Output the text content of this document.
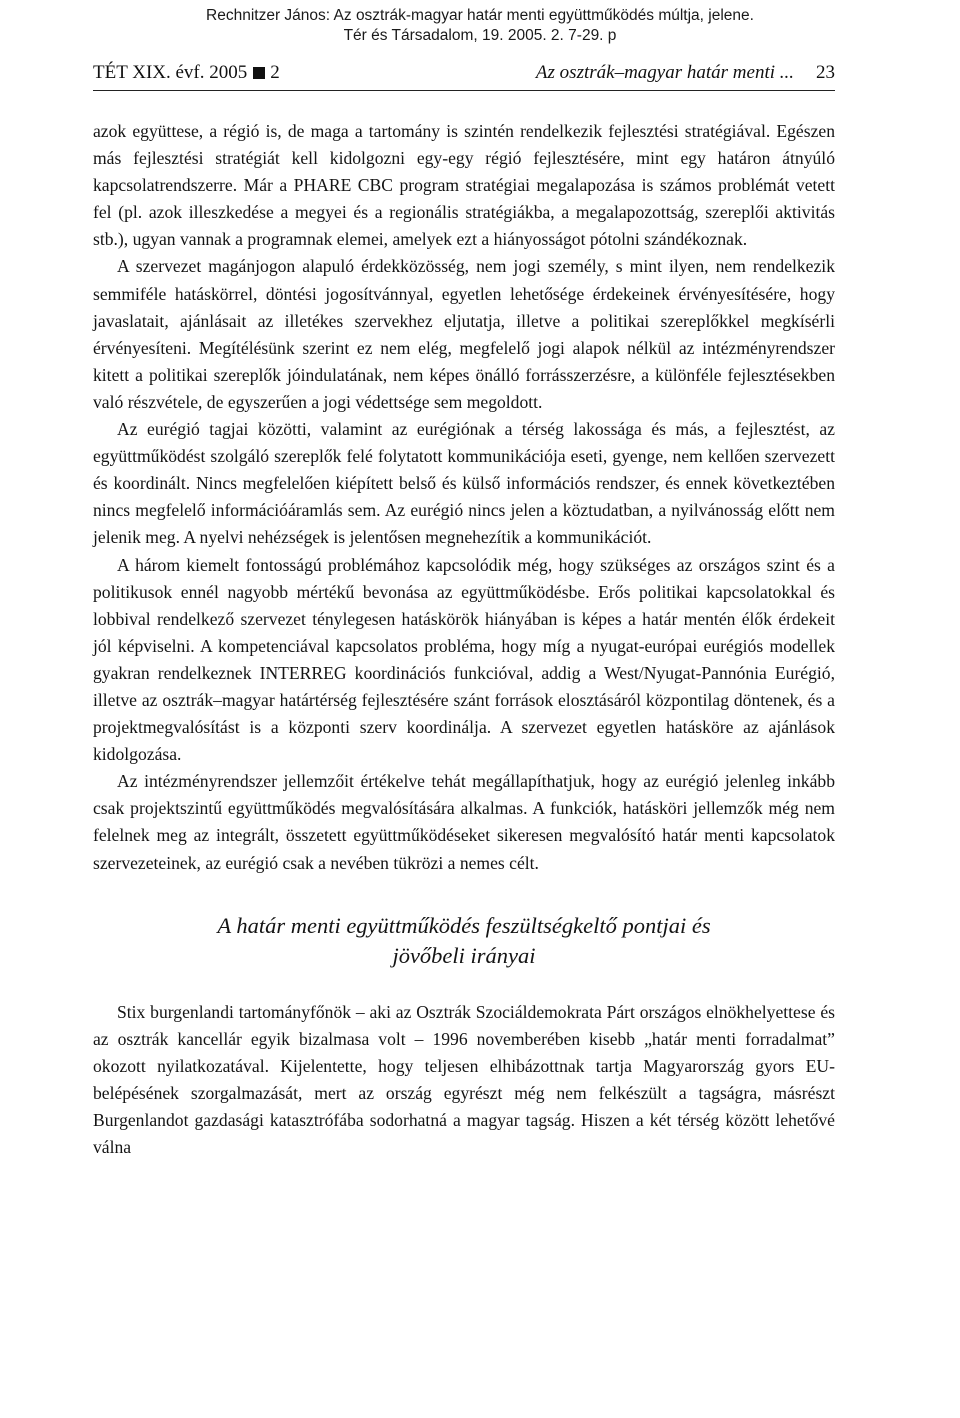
Rechnitzer János: Az osztrák-magyar határ menti együttműködés múltja, jelene.
Tér és Társadalom, 19. 2005. 2. 7-29. p
TÉT XIX. évf. 2005 2	Az osztrák–magyar határ menti ... 23

azok együttese, a régió is, de maga a tartomány is szintén rendelkezik fejlesztési stratégiával. Egészen más fejlesztési stratégiát kell kidolgozni egy-egy régió fejlesztésére, mint egy határon átnyúló kapcsolatrendszerre. Már a PHARE CBC program stratégiai megalapozása is számos problémát vetett fel (pl. azok illeszkedése a megyei és a regionális stratégiákba, a megalapozottság, szereplői aktivitás stb.), ugyan vannak a programnak elemei, amelyek ezt a hiányosságot pótolni szándékoznak.

A szervezet magánjogon alapuló érdekközösség, nem jogi személy, s mint ilyen, nem rendelkezik semmiféle hatáskörrel, döntési jogosítvánnyal, egyetlen lehetősége érdekeinek érvényesítésére, hogy javaslatait, ajánlásait az illetékes szervekhez eljutatja, illetve a politikai szereplőkkel megkísérli érvényesíteni. Megítélésünk szerint ez nem elég, megfelelő jogi alapok nélkül az intézményrendszer kitett a politikai szereplők jóindulatának, nem képes önálló forrásszerzésre, a különféle fejlesztésekben való részvétele, de egyszerűen a jogi védettsége sem megoldott.

Az eurégió tagjai közötti, valamint az eurégiónak a térség lakossága és más, a fejlesztést, az együttműködést szolgáló szereplők felé folytatott kommunikációja eseti, gyenge, nem kellően szervezett és koordinált. Nincs megfelelően kiépített belső és külső információs rendszer, és ennek következtében nincs megfelelő információáramlás sem. Az eurégió nincs jelen a köztudatban, a nyilvánosság előtt nem jelenik meg. A nyelvi nehézségek is jelentősen megnehezítik a kommunikációt.

A három kiemelt fontosságú problémához kapcsolódik még, hogy szükséges az országos szint és a politikusok ennél nagyobb mértékű bevonása az együttműködésbe. Erős politikai kapcsolatokkal és lobbival rendelkező szervezet ténylegesen hatáskörök hiányában is képes a határ mentén élők érdekeit jól képviselni. A kompetenciával kapcsolatos probléma, hogy míg a nyugat-európai eurégiós modellek gyakran rendelkeznek INTERREG koordinációs funkcióval, addig a West/Nyugat-Pannónia Eurégió, illetve az osztrák–magyar határtérség fejlesztésére szánt források elosztásáról központilag döntenek, és a projektmegvalósítást is a központi szerv koordinálja. A szervezet egyetlen hatásköre az ajánlások kidolgozása.

Az intézményrendszer jellemzőit értékelve tehát megállapíthatjuk, hogy az eurégió jelenleg inkább csak projektszintű együttműködés megvalósítására alkalmas. A funkciók, hatásköri jellemzők még nem felelnek meg az integrált, összetett együttműködéseket sikeresen megvalósító határ menti kapcsolatok szervezeteinek, az eurégió csak a nevében tükrözi a nemes célt.

A határ menti együttműködés feszültségkeltő pontjai és
jövőbeli irányai

Stix burgenlandi tartományfőnök – aki az Osztrák Szociáldemokrata Párt országos elnökhelyettese és az osztrák kancellár egyik bizalmasa volt – 1996 novemberében kisebb „határ menti forradalmat” okozott nyilatkozatával. Kijelentette, hogy teljesen elhibázottnak tartja Magyarország gyors EU-belépésének szorgalmazását, mert az ország egyrészt még nem felkészült a tagságra, másrészt Burgenlandot gazdasági katasztrófába sodorhatná a magyar tagság. Hiszen a két térség között lehetővé válna
